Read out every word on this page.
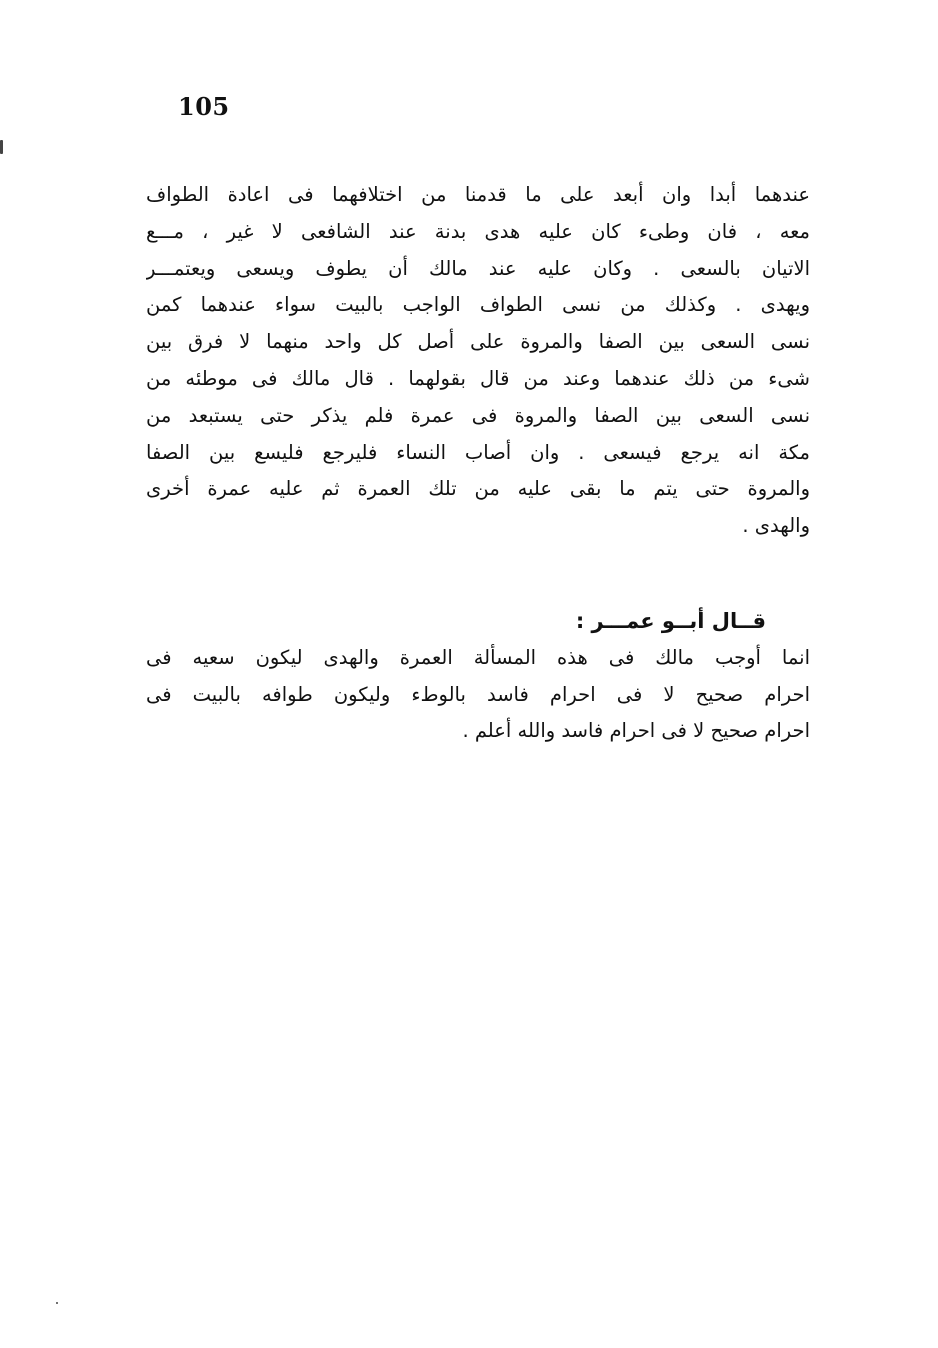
105
عندهما أبدا وان أبعد على ما قدمنا من اختلافهما فى اعادة الطواف
معه ، فان وطىء كان عليه هدى بدنة عند الشافعى لا غير ، مـــع
الاتيان بالسعى . وكان عليه عند مالك أن يطوف ويسعى ويعتمـــر
ويهدى . وكذلك من نسى الطواف الواجب بالبيت سواء عندهما كمن
نسى السعى بين الصفا والمروة على أصل كل واحد منهما لا فرق بين
شىء من ذلك عندهما وعند من قال بقولهما . قال مالك فى موطئه من
نسى السعى بين الصفا والمروة فى عمرة فلم يذكر حتى يستبعد من
مكة انه يرجع فيسعى . وان أصاب النساء فليرجع فليسع بين الصفا
والمروة حتى يتم ما بقى عليه من تلك العمرة ثم عليه عمرة أخرى
والهدى .
قــال أبــو عمـــر :
انما أوجب مالك فى هذه المسألة العمرة والهدى ليكون سعيه فى
احرام صحيح لا فى احرام فاسد بالوطء وليكون طوافه بالبيت فى
احرام صحيح لا فى احرام فاسد والله أعلم .
